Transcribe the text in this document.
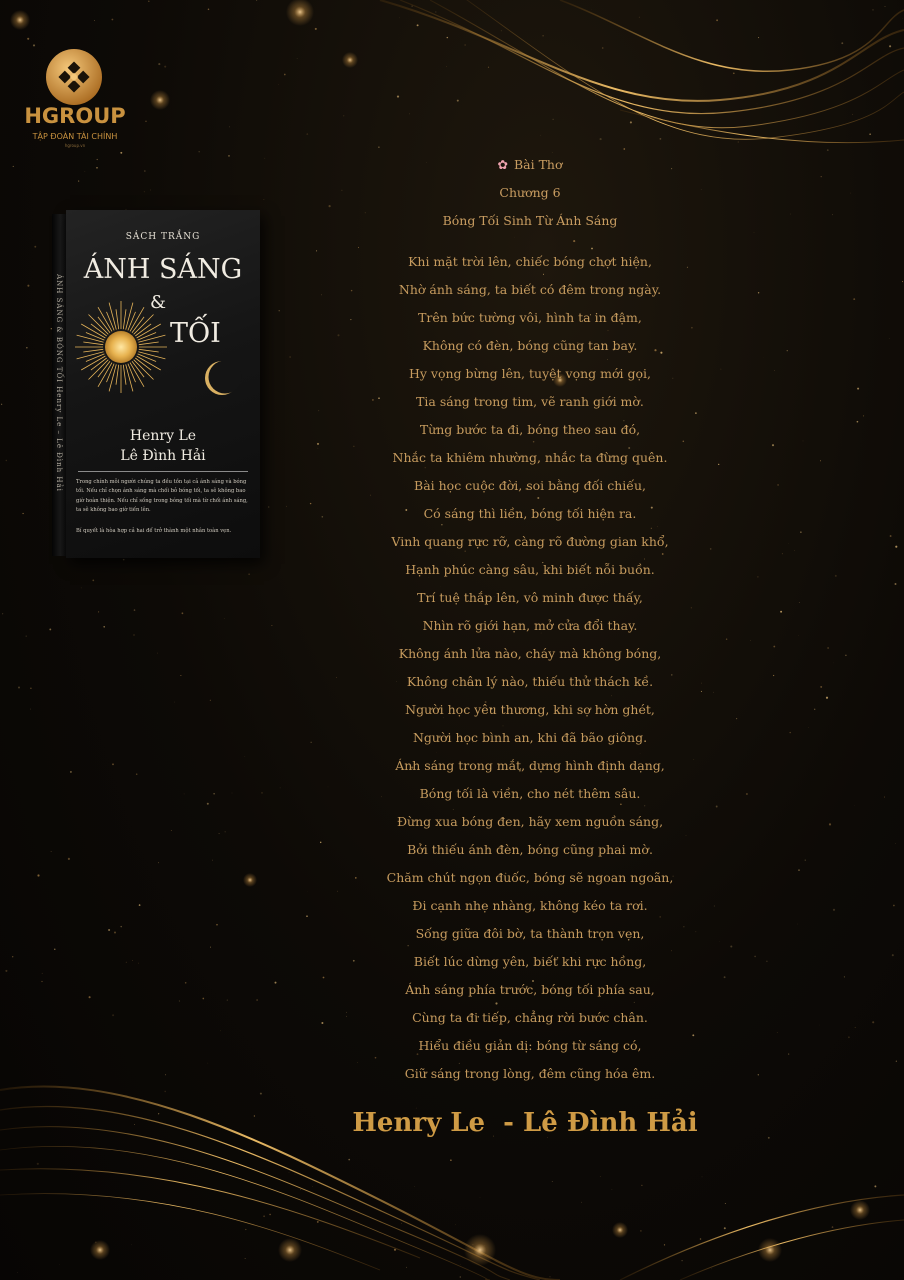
HGROUP
TẬP ĐOÀN TÀI CHÍNH
hgroup.vn
ÁNH SÁNG & BÓNG TỐI Henry Le – Lê Đình Hải
SÁCH TRẮNG
ÁNH SÁNG
&
TỐI
Henry Le
Lê Đình Hải
Trong chính mỗi người chúng ta đều tồn tại cả ánh sáng và bóng tối. Nếu chỉ chọn ánh sáng mà chối bỏ bóng tối, ta sẽ không bao giờ hoàn thiện. Nếu chỉ sống trong bóng tối mà từ chối ánh sáng, ta sẽ không bao giờ tiến lên.
Bí quyết là hòa hợp cả hai để trở thành một nhân toàn vẹn.
✿ Bài Thơ
Chương 6
Bóng Tối Sinh Từ Ánh Sáng
Khi mặt trời lên, chiếc bóng chợt hiện,
Nhờ ánh sáng, ta biết có đêm trong ngày.
Trên bức tường vôi, hình ta in đậm,
Không có đèn, bóng cũng tan bay.
Hy vọng bừng lên, tuyệt vọng mới gọi,
Tia sáng trong tim, vẽ ranh giới mờ.
Từng bước ta đi, bóng theo sau đó,
Nhắc ta khiêm nhường, nhắc ta đừng quên.
Bài học cuộc đời, soi bằng đối chiếu,
Có sáng thì liền, bóng tối hiện ra.
Vinh quang rực rỡ, càng rõ đường gian khổ,
Hạnh phúc càng sâu, khi biết nỗi buồn.
Trí tuệ thắp lên, vô minh được thấy,
Nhìn rõ giới hạn, mở cửa đổi thay.
Không ánh lửa nào, cháy mà không bóng,
Không chân lý nào, thiếu thử thách kề.
Người học yêu thương, khi sợ hờn ghét,
Người học bình an, khi đã bão giông.
Ánh sáng trong mắt, dựng hình định dạng,
Bóng tối là viền, cho nét thêm sâu.
Đừng xua bóng đen, hãy xem nguồn sáng,
Bởi thiếu ánh đèn, bóng cũng phai mờ.
Chăm chút ngọn đuốc, bóng sẽ ngoan ngoãn,
Đi cạnh nhẹ nhàng, không kéo ta rơi.
Sống giữa đôi bờ, ta thành trọn vẹn,
Biết lúc dừng yên, biết khi rực hồng,
Ánh sáng phía trước, bóng tối phía sau,
Cùng ta đi tiếp, chẳng rời bước chân.
Hiểu điều giản dị: bóng từ sáng có,
Giữ sáng trong lòng, đêm cũng hóa êm.
Henry Le  - Lê Đình Hải
